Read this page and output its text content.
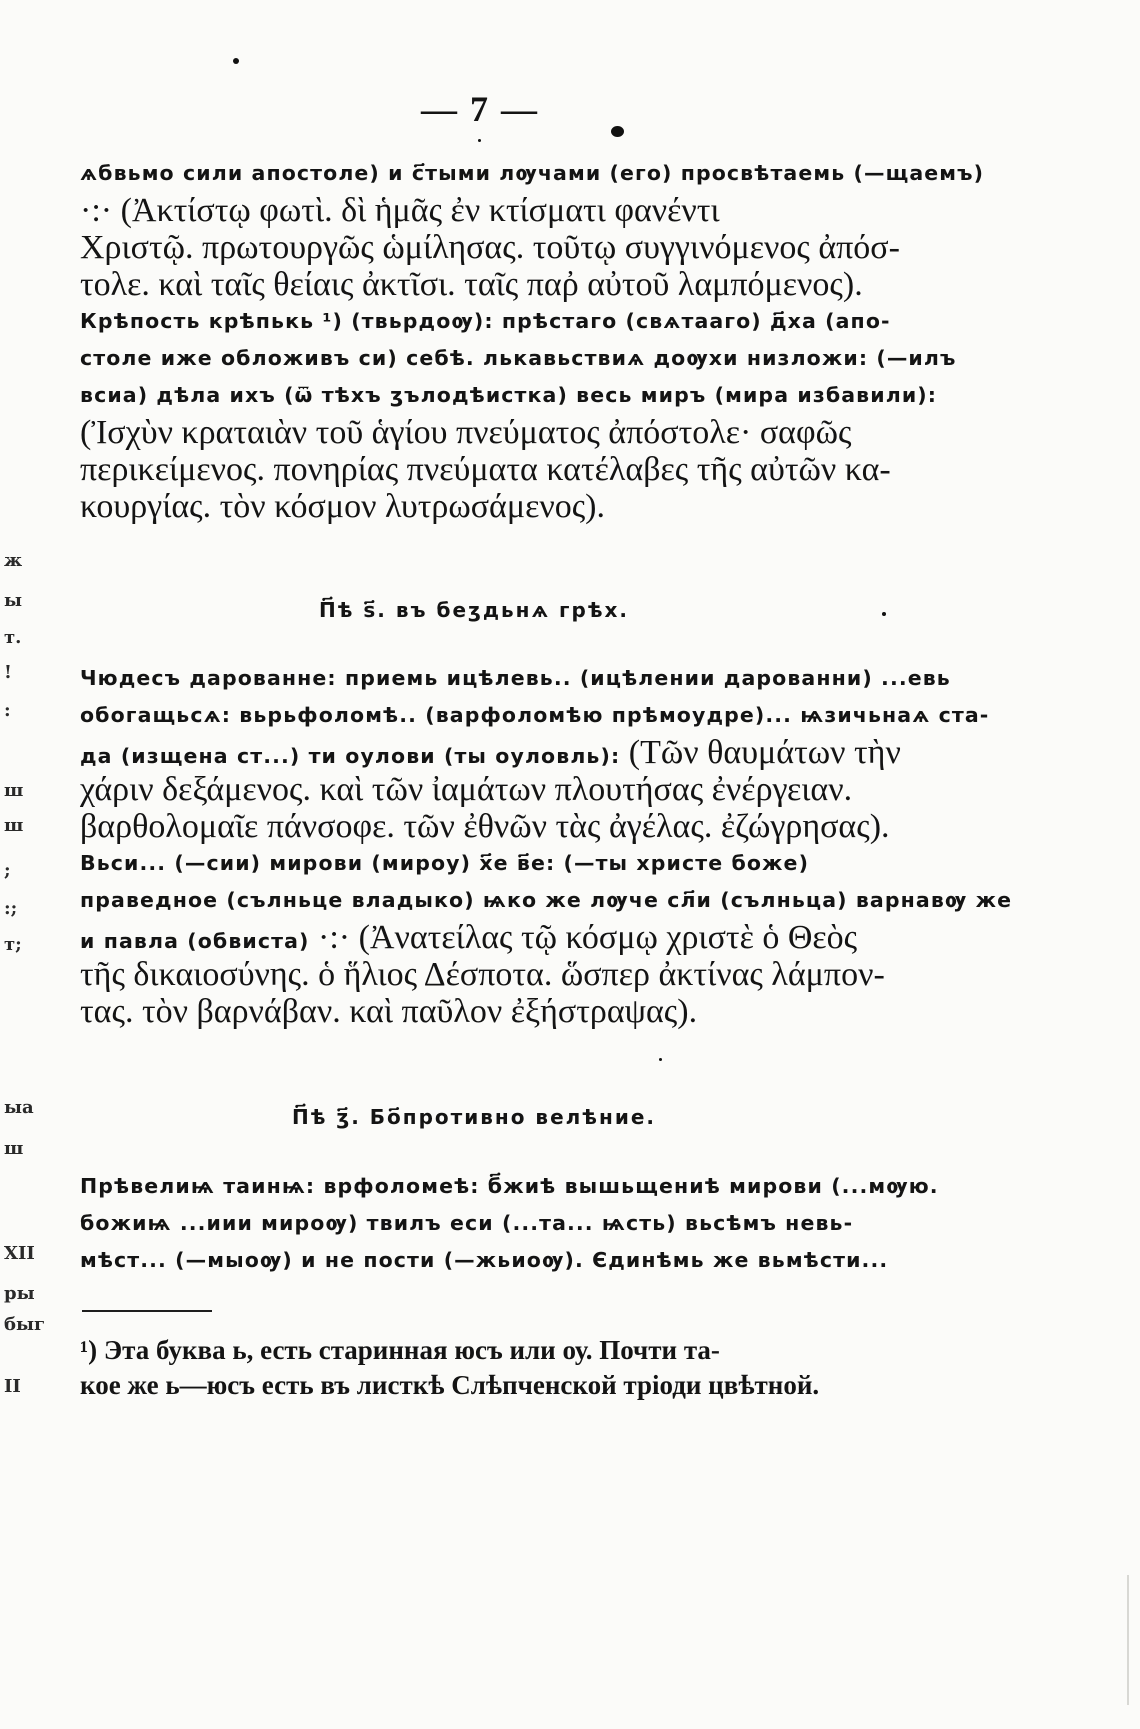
ж
ы
т.
!
:
ш
ш
;
:;
т;
ыа
ш
ΧΙΙ
ры
быг
ΙΙ
— 7 —
ѧбвьмо сили апостоле) и с҃тыми лѹчами (его) просвѣтаемь (—щаемъ)
·:· (Ἀκτίστῳ φωτὶ. δὶ ἡμᾶς ἐν κτίσματι φανέντι
Χριστῷ. πρωτουργῶς ὡμίλησας. τοῦτῳ συγγινόμενος ἀπόσ-
τολε. καὶ ταῖς θείαις ἀκτῖσι. ταῖς παῤ αὐτοῦ λαμπόμενος).
Крѣпость крѣпькь ¹) (твьрдоѹ): прѣстаго (свѧтааго) д҃ха (апо-
столе иже обложивъ си) себѣ. лькавьствиѧ доѹхи низложи: (—илъ
всиа) дѣла ихъ (ѿ тѣхъ ӡълодѣистка) весь миръ (мира избавили):
(Ἰσχὺν κραταιὰν τοῦ ἁγίου πνεύματος ἀπόστολε· σαφῶς
περικείμενος. πονηρίας πνεύματα κατέλαβες τῆς αὐτῶν κα-
κουργίας. τὸν κόσμον λυτρωσάμενος).
П҃ѣ ѕ҃. въ беӡдьнѧ грѣх.
Чюдесъ дарованне: приемь ицѣлевь.. (ицѣлении дарованни) ...евь
обогащьсѧ: вьрьфоломѣ.. (варфоломѣю прѣмоудре)... ѩзичьнаѧ ста-
да (изщена ст...) ти оулови (ты оуловль): (Τῶν θαυμάτων τὴν
χάριν δεξάμενος. καὶ τῶν ἰαμάτων πλουτήσας ἐνέργειαν.
βαρθολομαῖε πάνσοφε. τῶν ἐθνῶν τὰς ἀγέλας. ἐζώγρησας).
Вьси... (—сии) мирови (мироу) х҃е в҃е: (—ты христе боже)
праведное (сълньце владыко) ѩко же лѹче сл҃и (сълньца) варнавѹ же
и павла (обвиста) ·:· (Ἀνατείλας τῷ κόσμῳ χριστὲ ὁ Θεὸς
τῆς δικαιοσύνης. ὁ ἥλιος Δέσποτα. ὥσπερ ἀκτίνας λάμπον-
τας. τὸν βαρνάβαν. καὶ παῦλον ἐξήστραψας).
П҃ѣ ӡ҃. Бо҃противно велѣние.
Прѣвелиѩ таинѩ: врфоломеѣ: б҃жиѣ вышьщениѣ мирови (...мѹю.
божиѩ ...иии мироѹ) твилъ еси (...та... ѩсть) вьсѣмъ невь-
мѣст... (—мыоѹ) и не пости (—жьиоѹ). Єдинѣмь же вьмѣсти...
¹) Эта буква ь, есть старинная юсъ или оу. Почти та-
кое же ь—юсъ есть въ листкѣ Слѣпченской тріоди цвѣтной.
